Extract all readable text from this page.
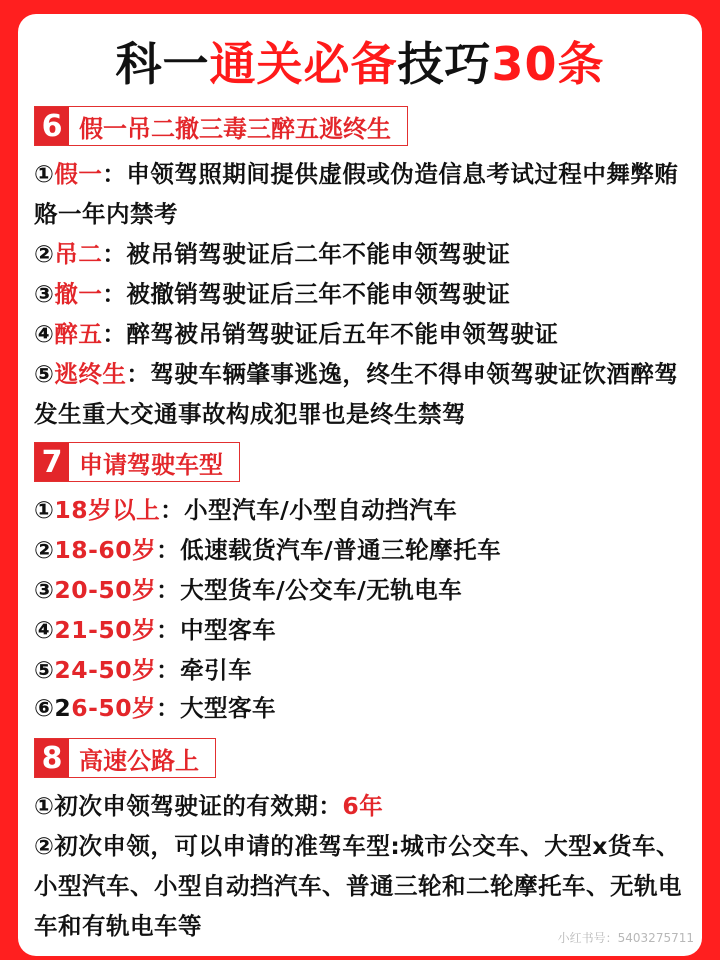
科一通关必备技巧30条
6 假一吊二撤三毒三醉五逃终生
①假一：申领驾照期间提供虚假或伪造信息考试过程中舞弊贿赂一年内禁考
②吊二：被吊销驾驶证后二年不能申领驾驶证
③撤一：被撤销驾驶证后三年不能申领驾驶证
④醉五：醉驾被吊销驾驶证后五年不能申领驾驶证
⑤逃终生：驾驶车辆肇事逃逸，终生不得申领驾驶证饮酒醉驾发生重大交通事故构成犯罪也是终生禁驾
7 申请驾驶车型
①18岁以上：小型汽车/小型自动挡汽车
②18-60岁：低速载货汽车/普通三轮摩托车
③20-50岁：大型货车/公交车/无轨电车
④21-50岁：中型客车
⑤24-50岁：牵引车
⑥26-50岁：大型客车
8 高速公路上
①初次申领驾驶证的有效期：6年
②初次申领，可以申请的准驾车型:城市公交车、大型x货车、小型汽车、小型自动挡汽车、普通三轮和二轮摩托车、无轨电车和有轨电车等	小红书号：5403275711
